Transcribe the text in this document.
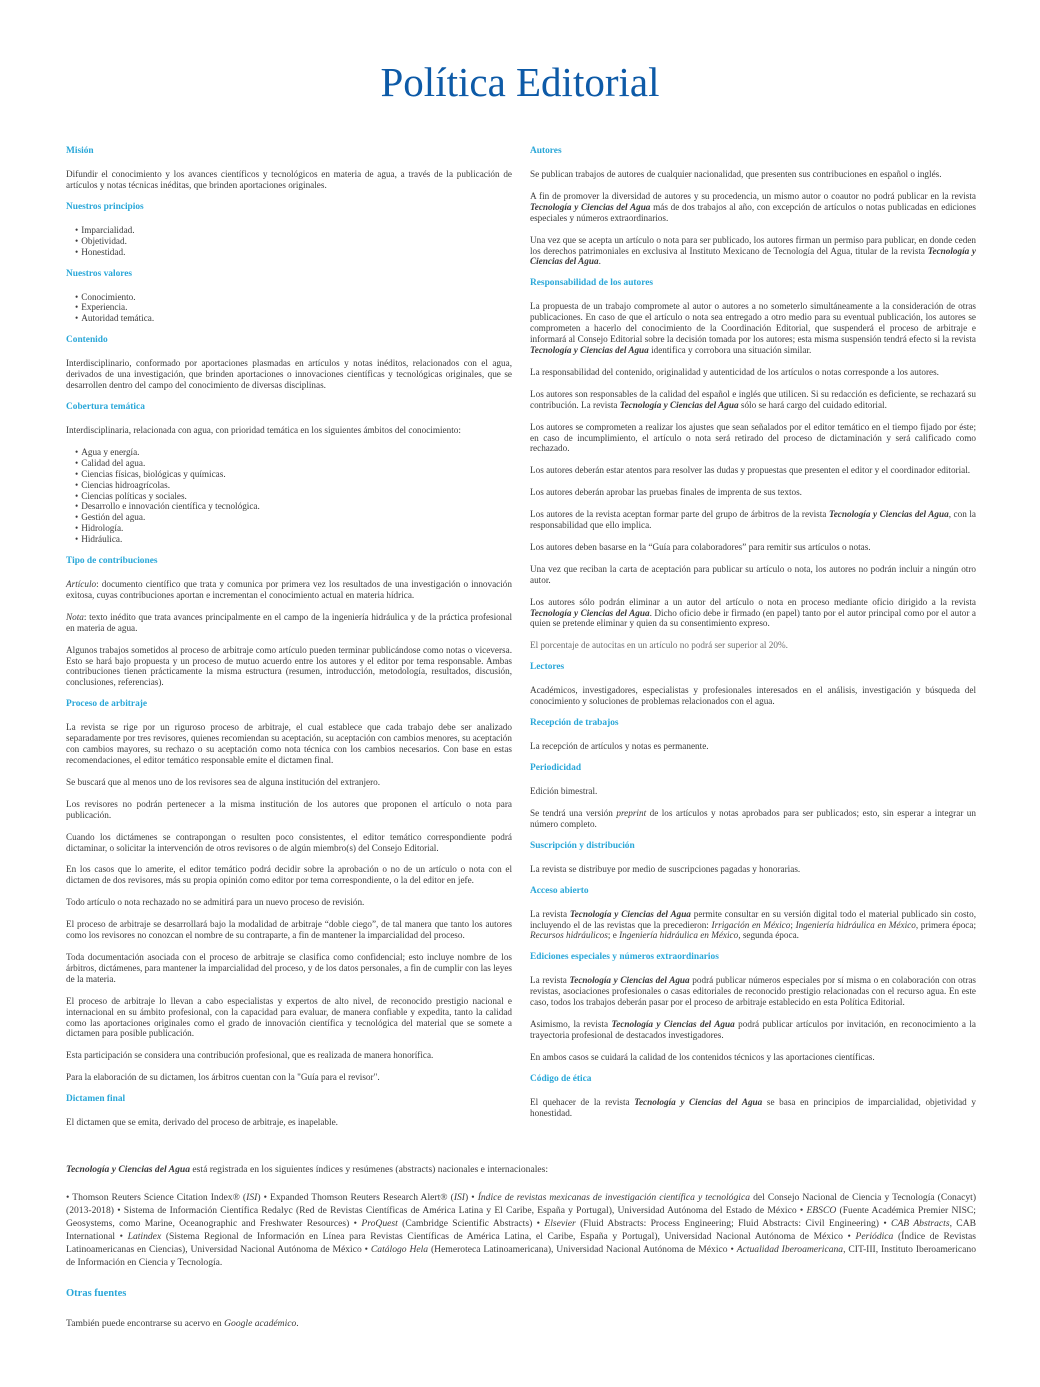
Política Editorial
Misión

Difundir el conocimiento y los avances científicos y tecnológicos en materia de agua, a través de la publicación de artículos y notas técnicas inéditas, que brinden aportaciones originales.

Nuestros principios
• Imparcialidad.
• Objetividad.
• Honestidad.
Nuestros valores
• Conocimiento.
• Experiencia.
• Autoridad temática.
Contenido

Interdisciplinario, conformado por aportaciones plasmadas en artículos y notas inéditos, relacionados con el agua, derivados de una investigación, que brinden aportaciones o innovaciones científicas y tecnológicas originales, que se desarrollen dentro del campo del conocimiento de diversas disciplinas.

Cobertura temática

Interdisciplinaria, relacionada con agua, con prioridad temática en los siguientes ámbitos del conocimiento:

• Agua y energía.
• Calidad del agua.
• Ciencias físicas, biológicas y químicas.
• Ciencias hidroagrícolas.
• Ciencias políticas y sociales.
• Desarrollo e innovación científica y tecnológica.
• Gestión del agua.
• Hidrología.
• Hidráulica.
Tipo de contribuciones

Artículo: documento científico que trata y comunica por primera vez los resultados de una investigación o innovación exitosa, cuyas contribuciones aportan e incrementan el conocimiento actual en materia hídrica.

Nota: texto inédito que trata avances principalmente en el campo de la ingeniería hidráulica y de la práctica profesional en materia de agua.

Algunos trabajos sometidos al proceso de arbitraje como artículo pueden terminar publicándose como notas o viceversa. Esto se hará bajo propuesta y un proceso de mutuo acuerdo entre los autores y el editor por tema responsable. Ambas contribuciones tienen prácticamente la misma estructura (resumen, introducción, metodología, resultados, discusión, conclusiones, referencias).

Proceso de arbitraje

La revista se rige por un riguroso proceso de arbitraje, el cual establece que cada trabajo debe ser analizado separadamente por tres revisores, quienes recomiendan su aceptación, su aceptación con cambios menores, su aceptación con cambios mayores, su rechazo o su aceptación como nota técnica con los cambios necesarios. Con base en estas recomendaciones, el editor temático responsable emite el dictamen final.

Se buscará que al menos uno de los revisores sea de alguna institución del extranjero.

Los revisores no podrán pertenecer a la misma institución de los autores que proponen el artículo o nota para publicación.

Cuando los dictámenes se contrapongan o resulten poco consistentes, el editor temático correspondiente podrá dictaminar, o solicitar la intervención de otros revisores o de algún miembro(s) del Consejo Editorial.

En los casos que lo amerite, el editor temático podrá decidir sobre la aprobación o no de un artículo o nota con el dictamen de dos revisores, más su propia opinión como editor por tema correspondiente, o la del editor en jefe.

Todo artículo o nota rechazado no se admitirá para un nuevo proceso de revisión.

El proceso de arbitraje se desarrollará bajo la modalidad de arbitraje “doble ciego”, de tal manera que tanto los autores como los revisores no conozcan el nombre de su contraparte, a fin de mantener la imparcialidad del proceso.

Toda documentación asociada con el proceso de arbitraje se clasifica como confidencial; esto incluye nombre de los árbitros, dictámenes, para mantener la imparcialidad del proceso, y de los datos personales, a fin de cumplir con las leyes de la materia.

El proceso de arbitraje lo llevan a cabo especialistas y expertos de alto nivel, de reconocido prestigio nacional e internacional en su ámbito profesional, con la capacidad para evaluar, de manera confiable y expedita, tanto la calidad como las aportaciones originales como el grado de innovación científica y tecnológica del material que se somete a dictamen para posible publicación.

Esta participación se considera una contribución profesional, que es realizada de manera honorífica.

Para la elaboración de su dictamen, los árbitros cuentan con la "Guía para el revisor".

Dictamen final

El dictamen que se emita, derivado del proceso de arbitraje, es inapelable.

Autores

Se publican trabajos de autores de cualquier nacionalidad, que presenten sus contribuciones en español o inglés.

A fin de promover la diversidad de autores y su procedencia, un mismo autor o coautor no podrá publicar en la revista Tecnología y Ciencias del Agua más de dos trabajos al año, con excepción de artículos o notas publicadas en ediciones especiales y números extraordinarios.

Una vez que se acepta un artículo o nota para ser publicado, los autores firman un permiso para publicar, en donde ceden los derechos patrimoniales en exclusiva al Instituto Mexicano de Tecnología del Agua, titular de la revista Tecnología y Ciencias del Agua.

Responsabilidad de los autores

La propuesta de un trabajo compromete al autor o autores a no someterlo simultáneamente a la consideración de otras publicaciones. En caso de que el artículo o nota sea entregado a otro medio para su eventual publicación, los autores se comprometen a hacerlo del conocimiento de la Coordinación Editorial, que suspenderá el proceso de arbitraje e informará al Consejo Editorial sobre la decisión tomada por los autores; esta misma suspensión tendrá efecto si la revista Tecnología y Ciencias del Agua identifica y corrobora una situación similar.

La responsabilidad del contenido, originalidad y autenticidad de los artículos o notas corresponde a los autores.

Los autores son responsables de la calidad del español e inglés que utilicen. Si su redacción es deficiente, se rechazará su contribución. La revista Tecnología y Ciencias del Agua sólo se hará cargo del cuidado editorial.

Los autores se comprometen a realizar los ajustes que sean señalados por el editor temático en el tiempo fijado por éste; en caso de incumplimiento, el artículo o nota será retirado del proceso de dictaminación y será calificado como rechazado.

Los autores deberán estar atentos para resolver las dudas y propuestas que presenten el editor y el coordinador editorial.

Los autores deberán aprobar las pruebas finales de imprenta de sus textos.

Los autores de la revista aceptan formar parte del grupo de árbitros de la revista Tecnología y Ciencias del Agua, con la responsabilidad que ello implica.

Los autores deben basarse en la “Guía para colaboradores” para remitir sus artículos o notas.

Una vez que reciban la carta de aceptación para publicar su artículo o nota, los autores no podrán incluir a ningún otro autor.

Los autores sólo podrán eliminar a un autor del artículo o nota en proceso mediante oficio dirigido a la revista Tecnología y Ciencias del Agua. Dicho oficio debe ir firmado (en papel) tanto por el autor principal como por el autor a quien se pretende eliminar y quien da su consentimiento expreso.

El porcentaje de autocitas en un artículo no podrá ser superior al 20%.

Lectores

Académicos, investigadores, especialistas y profesionales interesados en el análisis, investigación y búsqueda del conocimiento y soluciones de problemas relacionados con el agua.

Recepción de trabajos

La recepción de artículos y notas es permanente.

Periodicidad

Edición bimestral.

Se tendrá una versión preprint de los artículos y notas aprobados para ser publicados; esto, sin esperar a integrar un número completo.

Suscripción y distribución

La revista se distribuye por medio de suscripciones pagadas y honorarias.

Acceso abierto

La revista Tecnología y Ciencias del Agua permite consultar en su versión digital todo el material publicado sin costo, incluyendo el de las revistas que la precedieron: Irrigación en México; Ingeniería hidráulica en México, primera época; Recursos hidráulicos; e Ingeniería hidráulica en México, segunda época.

Ediciones especiales y números extraordinarios

La revista Tecnología y Ciencias del Agua podrá publicar números especiales por sí misma o en colaboración con otras revistas, asociaciones profesionales o casas editoriales de reconocido prestigio relacionadas con el recurso agua. En este caso, todos los trabajos deberán pasar por el proceso de arbitraje establecido en esta Política Editorial.

Asimismo, la revista Tecnología y Ciencias del Agua podrá publicar artículos por invitación, en reconocimiento a la trayectoria profesional de destacados investigadores.

En ambos casos se cuidará la calidad de los contenidos técnicos y las aportaciones científicas.

Código de ética

El quehacer de la revista Tecnología y Ciencias del Agua se basa en principios de imparcialidad, objetividad y honestidad.

Tecnología y Ciencias del Agua está registrada en los siguientes índices y resúmenes (abstracts) nacionales e internacionales:

• Thomson Reuters Science Citation Index® (ISI) • Expanded Thomson Reuters Research Alert® (ISI) • Índice de revistas mexicanas de investigación científica y tecnológica del Consejo Nacional de Ciencia y Tecnología (Conacyt) (2013-2018) • Sistema de Información Científica Redalyc (Red de Revistas Científicas de América Latina y El Caribe, España y Portugal), Universidad Autónoma del Estado de México • EBSCO (Fuente Académica Premier NISC; Geosystems, como Marine, Oceanographic and Freshwater Resources) • ProQuest (Cambridge Scientific Abstracts) • Elsevier (Fluid Abstracts: Process Engineering; Fluid Abstracts: Civil Engineering) • CAB Abstracts, CAB International • Latindex (Sistema Regional de Información en Línea para Revistas Científicas de América Latina, el Caribe, España y Portugal), Universidad Nacional Autónoma de México • Periódica (Índice de Revistas Latinoamericanas en Ciencias), Universidad Nacional Autónoma de México • Catálogo Hela (Hemeroteca Latinoamericana), Universidad Nacional Autónoma de México • Actualidad Iberoamericana, CIT-III, Instituto Iberoamericano de Información en Ciencia y Tecnología.

Otras fuentes

También puede encontrarse su acervo en Google académico.
